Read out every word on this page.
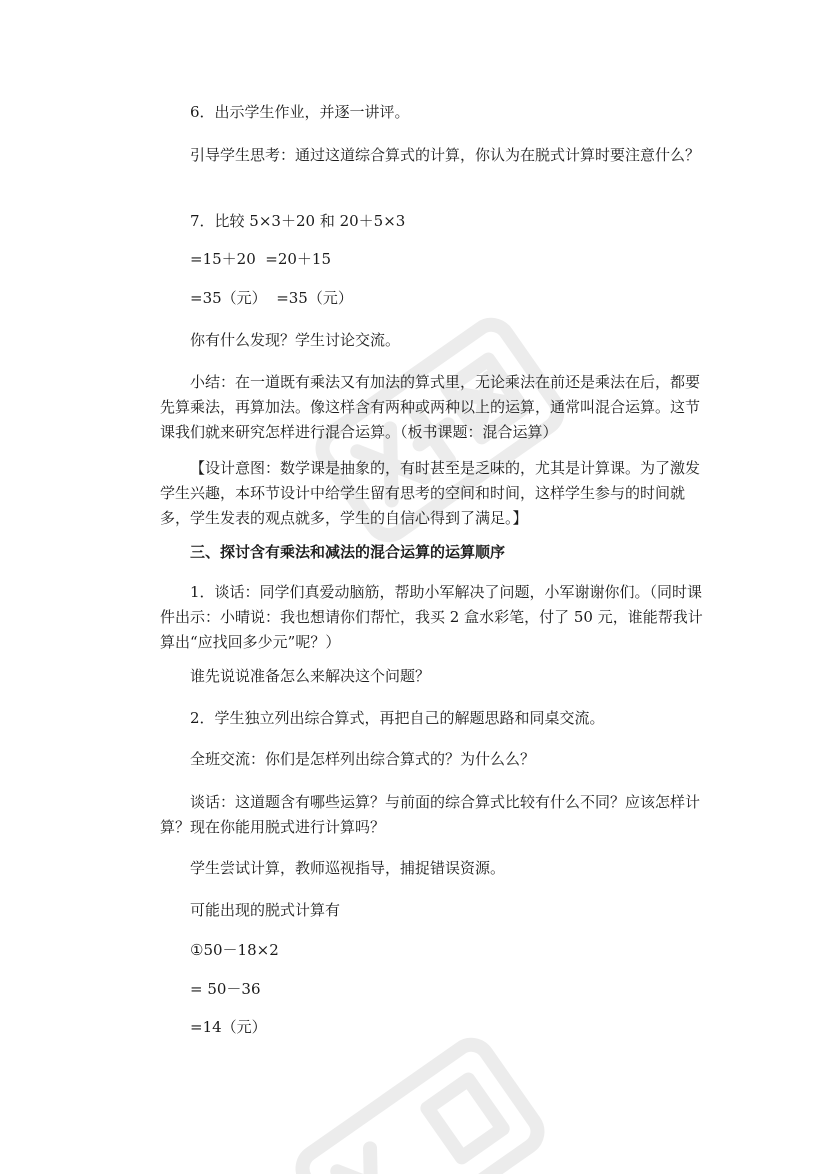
6．出示学生作业，并逐一讲评。

引导学生思考：通过这道综合算式的计算，你认为在脱式计算时要注意什么？

7．比较 5×3＋20 和 20＋5×3

=15＋20  =20＋15

=35（元）  =35（元）

你有什么发现？学生讨论交流。

小结：在一道既有乘法又有加法的算式里，无论乘法在前还是乘法在后，都要先算乘法，再算加法。像这样含有两种或两种以上的运算，通常叫混合运算。这节课我们就来研究怎样进行混合运算。（板书课题：混合运算）

【设计意图：数学课是抽象的，有时甚至是乏味的，尤其是计算课。为了激发学生兴趣，本环节设计中给学生留有思考的空间和时间，这样学生参与的时间就多，学生发表的观点就多，学生的自信心得到了满足。】

三、探讨含有乘法和减法的混合运算的运算顺序

1．谈话：同学们真爱动脑筋，帮助小军解决了问题，小军谢谢你们。（同时课件出示：小晴说：我也想请你们帮忙，我买 2 盒水彩笔，付了 50 元，谁能帮我计算出“应找回多少元”呢？）

谁先说说准备怎么来解决这个问题？

2．学生独立列出综合算式，再把自己的解题思路和同桌交流。

全班交流：你们是怎样列出综合算式的？为什么么？

谈话：这道题含有哪些运算？与前面的综合算式比较有什么不同？应该怎样计算？现在你能用脱式进行计算吗？

学生尝试计算，教师巡视指导，捕捉错误资源。

可能出现的脱式计算有

①50－18×2

= 50－36

=14（元）
